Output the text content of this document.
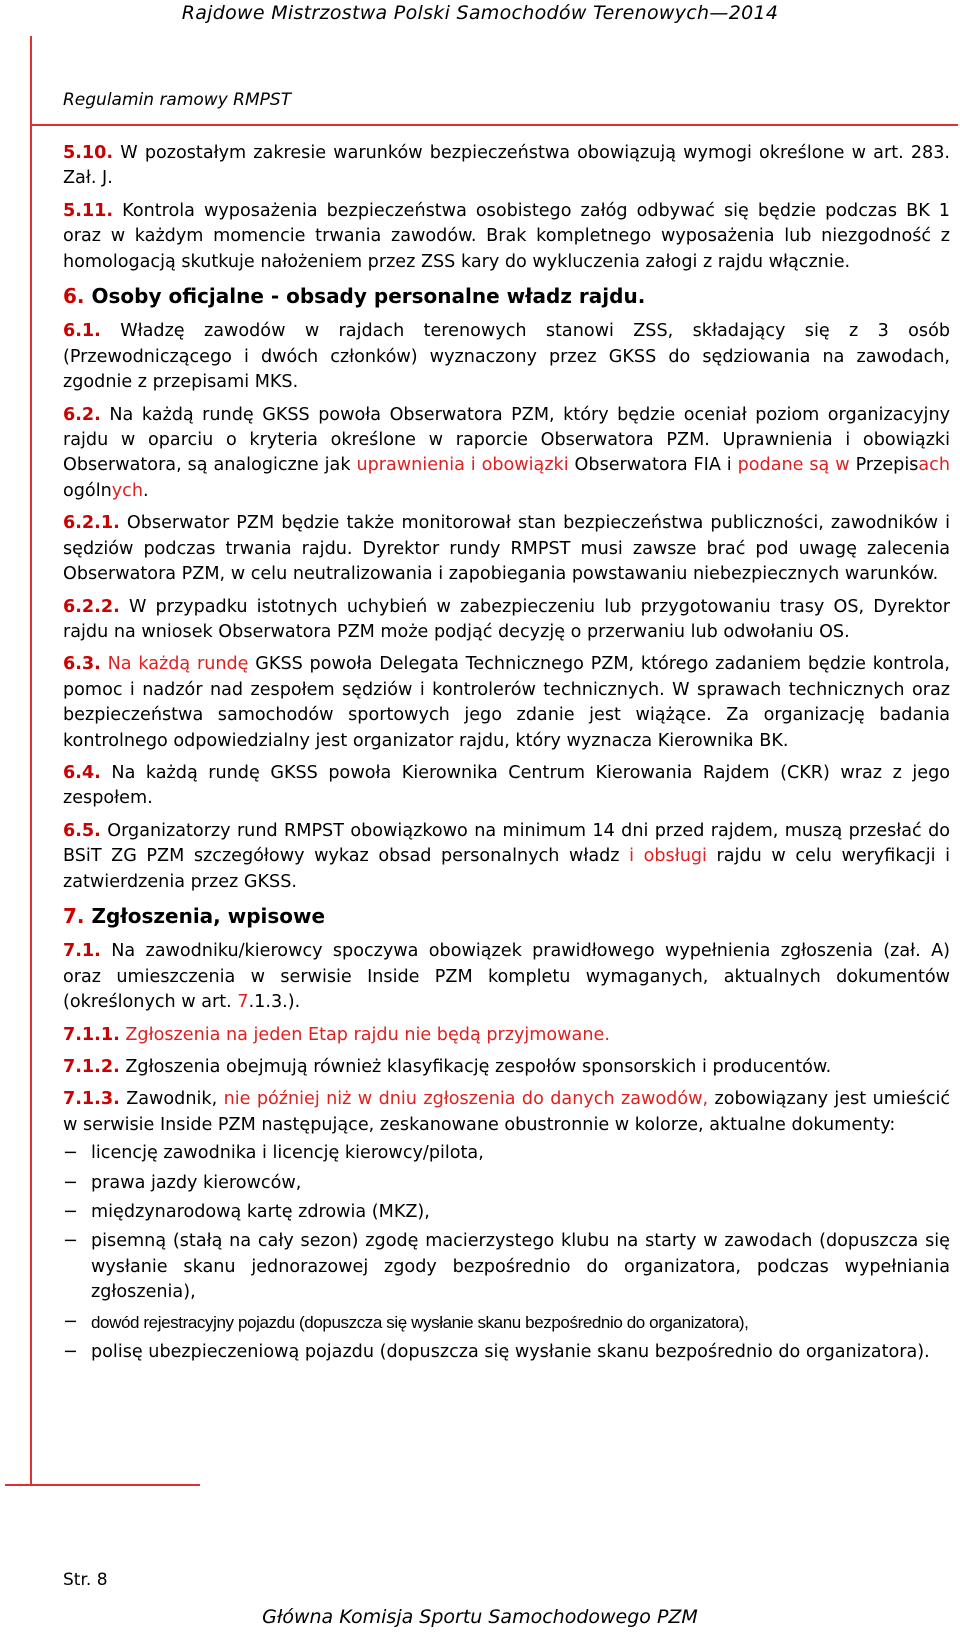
Rajdowe Mistrzostwa Polski Samochodów Terenowych—2014
Regulamin ramowy RMPST

5.10. W pozostałym zakresie warunków bezpieczeństwa obowiązują wymogi określone w art. 283. Zał. J.

5.11. Kontrola wyposażenia bezpieczeństwa osobistego załóg odbywać się będzie podczas BK 1 oraz w każdym momencie trwania zawodów. Brak kompletnego wyposażenia lub niezgodność z homologacją skutkuje nałożeniem przez ZSS kary do wykluczenia załogi z rajdu włącznie.

6. Osoby oficjalne - obsady personalne władz rajdu.

6.1. Władzę zawodów w rajdach terenowych stanowi ZSS, składający się z 3 osób (Przewodniczącego i dwóch członków) wyznaczony przez GKSS do sędziowania na zawodach, zgodnie z przepisami MKS.

6.2. Na każdą rundę GKSS powoła Obserwatora PZM, który będzie oceniał poziom organizacyjny rajdu w oparciu o kryteria określone w raporcie Obserwatora PZM. Uprawnienia i obowiązki Obserwatora, są analogiczne jak uprawnienia i obowiązki Obserwatora FIA i podane są w Przepisach ogólnych.

6.2.1. Obserwator PZM będzie także monitorował stan bezpieczeństwa publiczności, zawodników i sędziów podczas trwania rajdu. Dyrektor rundy RMPST musi zawsze brać pod uwagę zalecenia Obserwatora PZM, w celu neutralizowania i zapobiegania powstawaniu niebezpiecznych warunków.

6.2.2. W przypadku istotnych uchybień w zabezpieczeniu lub przygotowaniu trasy OS, Dyrektor rajdu na wniosek Obserwatora PZM może podjąć decyzję o przerwaniu lub odwołaniu OS.

6.3. Na każdą rundę GKSS powoła Delegata Technicznego PZM, którego zadaniem będzie kontrola, pomoc i nadzór nad zespołem sędziów i kontrolerów technicznych. W sprawach technicznych oraz bezpieczeństwa samochodów sportowych jego zdanie jest wiążące. Za organizację badania kontrolnego odpowiedzialny jest organizator rajdu, który wyznacza Kierownika BK.

6.4. Na każdą rundę GKSS powoła Kierownika Centrum Kierowania Rajdem (CKR) wraz z jego zespołem.

6.5. Organizatorzy rund RMPST obowiązkowo na minimum 14 dni przed rajdem, muszą przesłać do BSiT ZG PZM szczegółowy wykaz obsad personalnych władz i obsługi rajdu w celu weryfikacji i zatwierdzenia przez GKSS.

7. Zgłoszenia, wpisowe

7.1. Na zawodniku/kierowcy spoczywa obowiązek prawidłowego wypełnienia zgłoszenia (zał. A) oraz umieszczenia w serwisie Inside PZM kompletu wymaganych, aktualnych dokumentów (określonych w art. 7.1.3.).

7.1.1. Zgłoszenia na jeden Etap rajdu nie będą przyjmowane.

7.1.2. Zgłoszenia obejmują również klasyfikację zespołów sponsorskich i producentów.

7.1.3. Zawodnik, nie później niż w dniu zgłoszenia do danych zawodów, zobowiązany jest umieścić w serwisie Inside PZM następujące, zeskanowane obustronnie w kolorze, aktualne dokumenty:

− licencję zawodnika i licencję kierowcy/pilota,
− prawa jazdy kierowców,
− międzynarodową kartę zdrowia (MKZ),
− pisemną (stałą na cały sezon) zgodę macierzystego klubu na starty w zawodach (dopuszcza się wysłanie skanu jednorazowej zgody bezpośrednio do organizatora, podczas wypełniania zgłoszenia),
− dowód rejestracyjny pojazdu (dopuszcza się wysłanie skanu bezpośrednio do organizatora),
− polisę ubezpieczeniową pojazdu (dopuszcza się wysłanie skanu bezpośrednio do organizatora).
Str. 8
Główna Komisja Sportu Samochodowego PZM
